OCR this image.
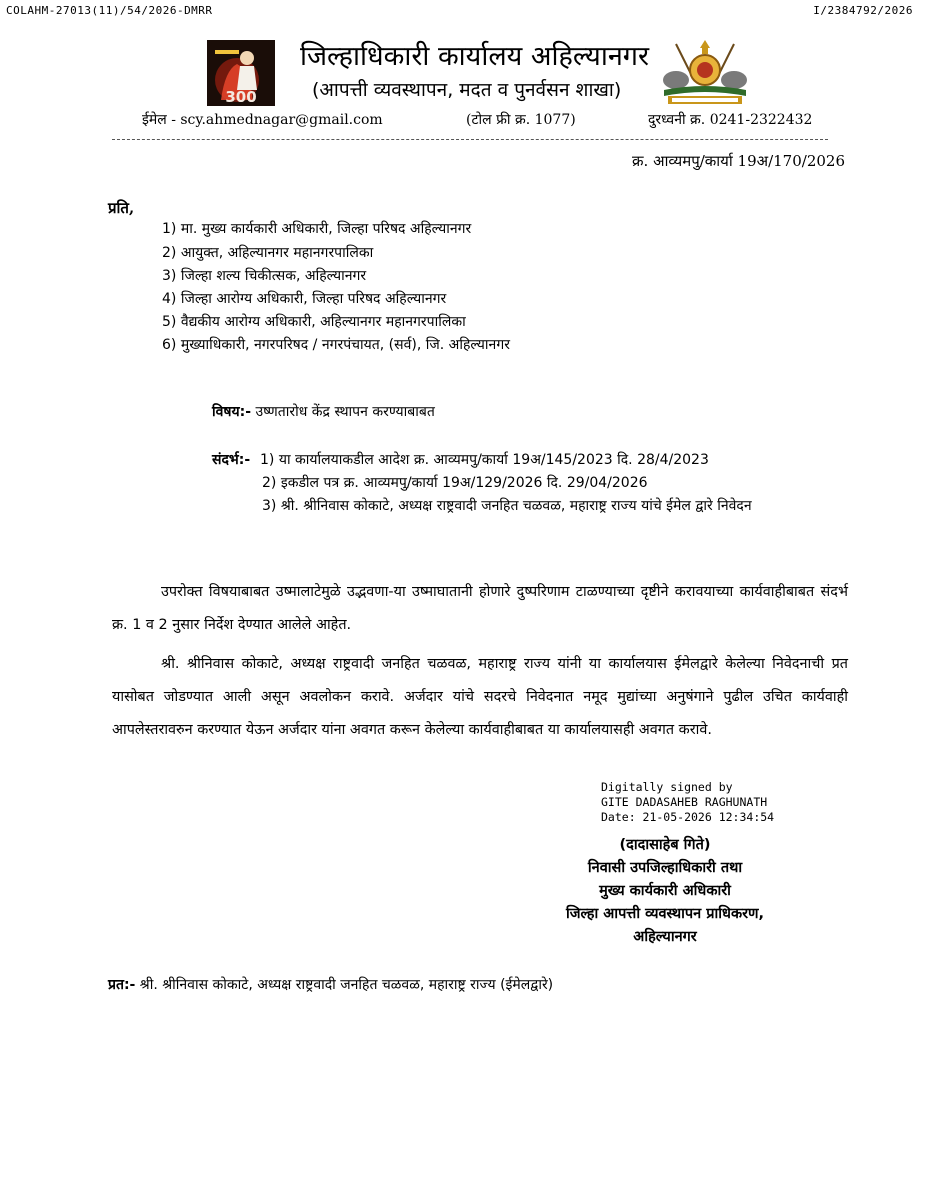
COLAHM-27013(11)/54/2026-DMRR	I/2384792/2026
300
जिल्हाधिकारी कार्यालय अहिल्यानगर
(आपत्ती व्यवस्थापन, मदत व पुनर्वसन शाखा)
ईमेल - scy.ahmednagar@gmail.com	(टोल फ्री क्र. 1077)	दुरध्वनी क्र. 0241-2322432
क्र. आव्यमपु/कार्या 19अ/170/2026
प्रति,
1) मा. मुख्य कार्यकारी अधिकारी, जिल्हा परिषद अहिल्यानगर
2) आयुक्त, अहिल्यानगर महानगरपालिका
3) जिल्हा शल्य चिकीत्सक, अहिल्यानगर
4) जिल्हा आरोग्य अधिकारी, जिल्हा परिषद अहिल्यानगर
5) वैद्यकीय आरोग्य अधिकारी, अहिल्यानगर महानगरपालिका
6) मुख्याधिकारी, नगरपरिषद / नगरपंचायत, (सर्व), जि. अहिल्यानगर
विषय:- उष्णतारोध केंद्र स्थापन करण्याबाबत
संदर्भ:- 1) या कार्यालयाकडील आदेश क्र. आव्यमपु/कार्या 19अ/145/2023 दि. 28/4/2023
2) इकडील पत्र क्र. आव्यमपु/कार्या 19अ/129/2026 दि. 29/04/2026
3) श्री. श्रीनिवास कोकाटे, अध्यक्ष राष्ट्रवादी जनहित चळवळ, महाराष्ट्र राज्य यांचे ईमेल द्वारे निवेदन

उपरोक्त विषयाबाबत उष्मालाटेमुळे उद्भवणा-या उष्माघातानी होणारे दुष्परिणाम टाळण्याच्या दृष्टीने करावयाच्या कार्यवाहीबाबत संदर्भ क्र. 1 व 2 नुसार निर्देश देण्यात आलेले आहेत.

श्री. श्रीनिवास कोकाटे, अध्यक्ष राष्ट्रवादी जनहित चळवळ, महाराष्ट्र राज्य यांनी या कार्यालयास ईमेलद्वारे केलेल्या निवेदनाची प्रत यासोबत जोडण्यात आली असून अवलोकन करावे. अर्जदार यांचे सदरचे निवेदनात नमूद मुद्यांच्या अनुषंगाने पुढील उचित कार्यवाही आपलेस्तरावरुन करण्यात येऊन अर्जदार यांना अवगत करून केलेल्या कार्यवाहीबाबत या कार्यालयासही अवगत करावे.

Digitally signed by
GITE DADASAHEB RAGHUNATH
Date: 21-05-2026 12:34:54
(दादासाहेब गिते)
निवासी उपजिल्हाधिकारी तथा
मुख्य कार्यकारी अधिकारी
जिल्हा आपत्ती व्यवस्थापन प्राधिकरण,
अहिल्यानगर
प्रत:- श्री. श्रीनिवास कोकाटे, अध्यक्ष राष्ट्रवादी जनहित चळवळ, महाराष्ट्र राज्य (ईमेलद्वारे)
